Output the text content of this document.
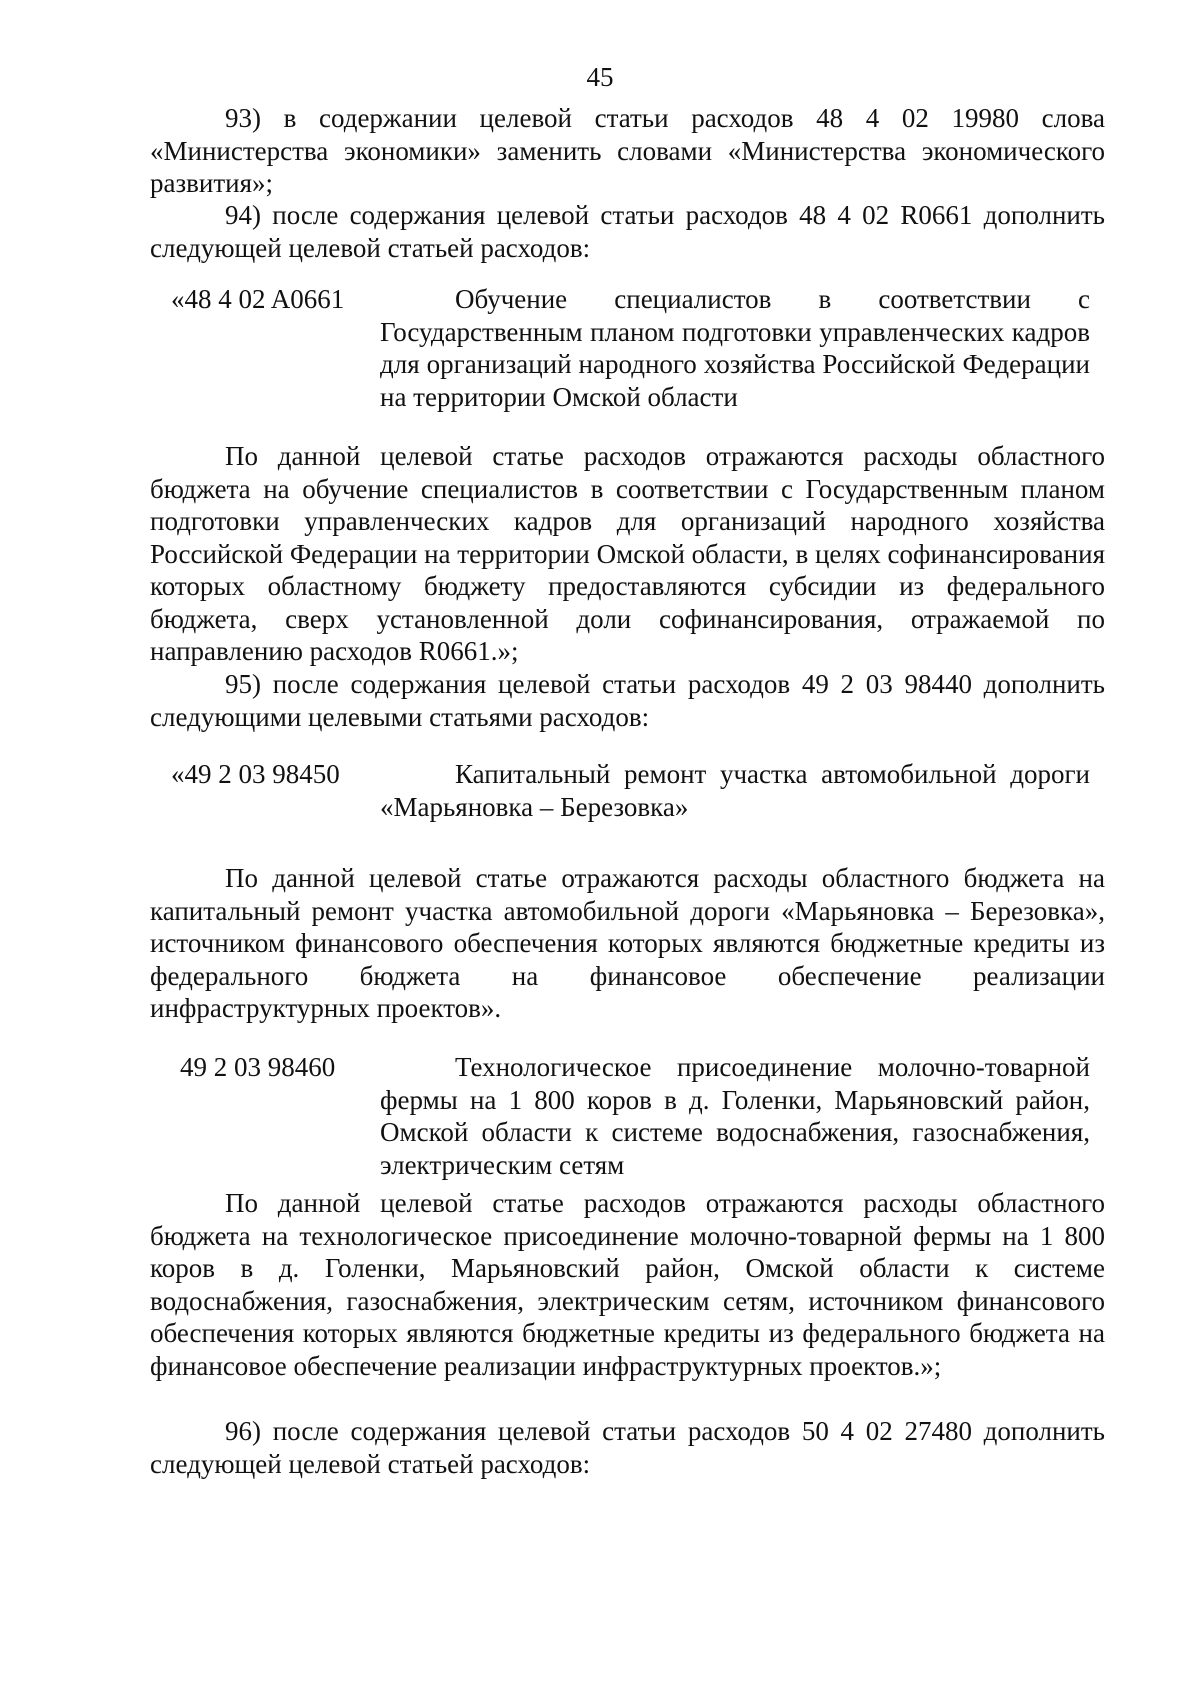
45

93) в содержании целевой статьи расходов 48 4 02 19980 слова «Министерства экономики» заменить словами «Министерства экономического развития»;

94) после содержания целевой статьи расходов 48 4 02 R0661 дополнить следующей целевой статьей расходов:

«48 4 02 A0661	Обучение специалистов в соответствии с Государственным планом подготовки управленческих кадров для организаций народного хозяйства Российской Федерации на территории Омской области

По данной целевой статье расходов отражаются расходы областного бюджета на обучение специалистов в соответствии с Государственным планом подготовки управленческих кадров для организаций народного хозяйства Российской Федерации на территории Омской области, в целях софинансирования которых областному бюджету предоставляются субсидии из федерального бюджета, сверх установленной доли софинансирования, отражаемой по направлению расходов R0661.»;

95) после содержания целевой статьи расходов 49 2 03 98440 дополнить следующими целевыми статьями расходов:

«49 2 03 98450	Капитальный ремонт участка автомобильной дороги «Марьяновка – Березовка»

По данной целевой статье отражаются расходы областного бюджета на капитальный ремонт участка автомобильной дороги «Марьяновка – Березовка», источником финансового обеспечения которых являются бюджетные кредиты из федерального бюджета на финансовое обеспечение реализации инфраструктурных проектов».

49 2 03 98460	Технологическое присоединение молочно-товарной фермы на 1 800 коров в д. Голенки, Марьяновский район, Омской области к системе водоснабжения, газоснабжения, электрическим сетям

По данной целевой статье расходов отражаются расходы областного бюджета на технологическое присоединение молочно-товарной фермы на 1 800 коров в д. Голенки, Марьяновский район, Омской области к системе водоснабжения, газоснабжения, электрическим сетям, источником финансового обеспечения которых являются бюджетные кредиты из федерального бюджета на финансовое обеспечение реализации инфраструктурных проектов.»;

96) после содержания целевой статьи расходов 50 4 02 27480 дополнить следующей целевой статьей расходов:
